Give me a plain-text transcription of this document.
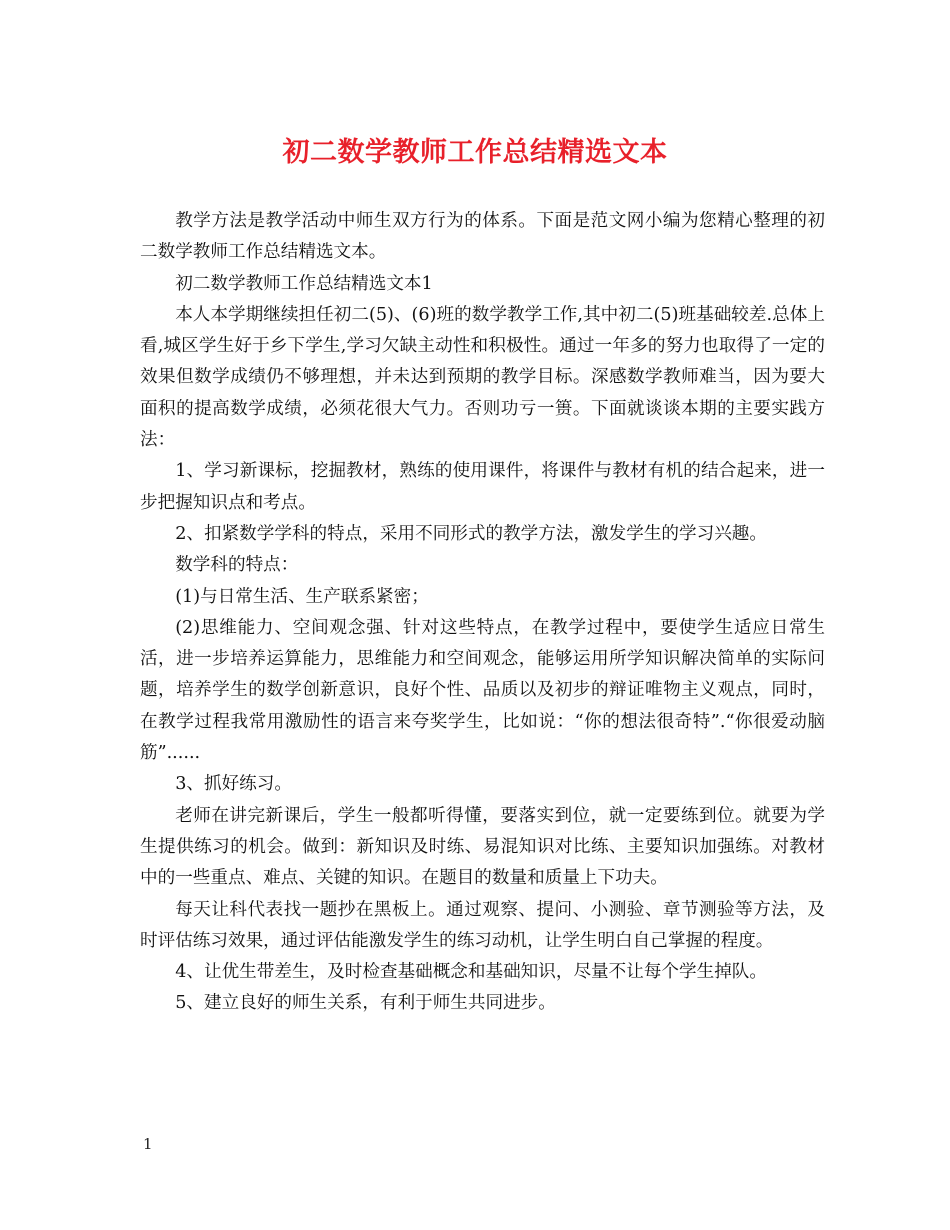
初二数学教师工作总结精选文本

教学方法是教学活动中师生双方行为的体系。下面是范文网小编为您精心整理的初二数学教师工作总结精选文本。

初二数学教师工作总结精选文本1

本人本学期继续担任初二(5)、(6)班的数学教学工作,其中初二(5)班基础较差.总体上看,城区学生好于乡下学生,学习欠缺主动性和积极性。通过一年多的努力也取得了一定的效果但数学成绩仍不够理想，并未达到预期的教学目标。深感数学教师难当，因为要大面积的提高数学成绩，必须花很大气力。否则功亏一篑。下面就谈谈本期的主要实践方法：

1、学习新课标，挖掘教材，熟练的使用课件，将课件与教材有机的结合起来，进一步把握知识点和考点。

2、扣紧数学学科的特点，采用不同形式的教学方法，激发学生的学习兴趣。

数学科的特点：

(1)与日常生活、生产联系紧密；

(2)思维能力、空间观念强、针对这些特点，在教学过程中，要使学生适应日常生活，进一步培养运算能力，思维能力和空间观念，能够运用所学知识解决简单的实际问题，培养学生的数学创新意识，良好个性、品质以及初步的辩证唯物主义观点，同时，在教学过程我常用激励性的语言来夸奖学生，比如说：“你的想法很奇特”.“你很爱动脑筋”......

3、抓好练习。

老师在讲完新课后，学生一般都听得懂，要落实到位，就一定要练到位。就要为学生提供练习的机会。做到：新知识及时练、易混知识对比练、主要知识加强练。对教材中的一些重点、难点、关键的知识。在题目的数量和质量上下功夫。

每天让科代表找一题抄在黑板上。通过观察、提问、小测验、章节测验等方法，及时评估练习效果，通过评估能激发学生的练习动机，让学生明白自己掌握的程度。

4、让优生带差生，及时检查基础概念和基础知识，尽量不让每个学生掉队。

5、建立良好的师生关系，有利于师生共同进步。

1
